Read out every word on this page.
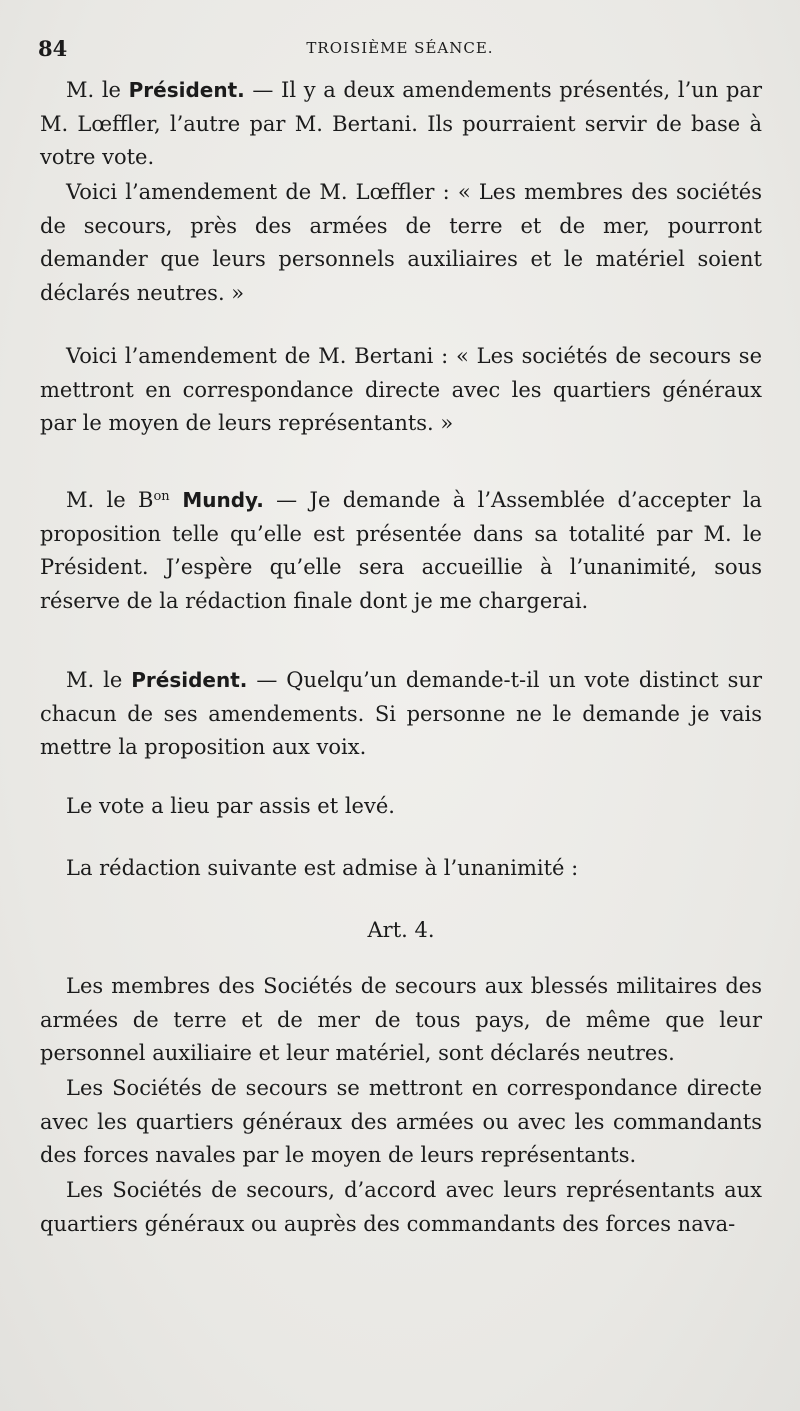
84	TROISIÈME SÉANCE.
M. le Président. — Il y a deux amendements présentés, l’un par M. Lœffler, l’autre par M. Bertani. Ils pourraient servir de base à votre vote.
Voici l’amendement de M. Lœffler : « Les membres des sociétés de secours, près des armées de terre et de mer, pourront demander que leurs personnels auxiliaires et le matériel soient déclarés neutres. »
Voici l’amendement de M. Bertani : « Les sociétés de secours se mettront en correspondance directe avec les quartiers généraux par le moyen de leurs représentants. »
M. le $B^{on}$ Mundy. — Je demande à l’Assemblée d’accepter la proposition telle qu’elle est présentée dans sa totalité par M. le Président. J’espère qu’elle sera accueillie à l’unanimité, sous réserve de la rédaction finale dont je me chargerai.
M. le Président. — Quelqu’un demande-t-il un vote distinct sur chacun de ses amendements. Si personne ne le demande je vais mettre la proposition aux voix.
Le vote a lieu par assis et levé.
La rédaction suivante est admise à l’unanimité :
Art. 4.
Les membres des Sociétés de secours aux blessés militaires des armées de terre et de mer de tous pays, de même que leur personnel auxiliaire et leur matériel, sont déclarés neutres.
Les Sociétés de secours se mettront en correspondance directe avec les quartiers généraux des armées ou avec les commandants des forces navales par le moyen de leurs représentants.
Les Sociétés de secours, d’accord avec leurs représentants aux quartiers généraux ou auprès des commandants des forces nava-
